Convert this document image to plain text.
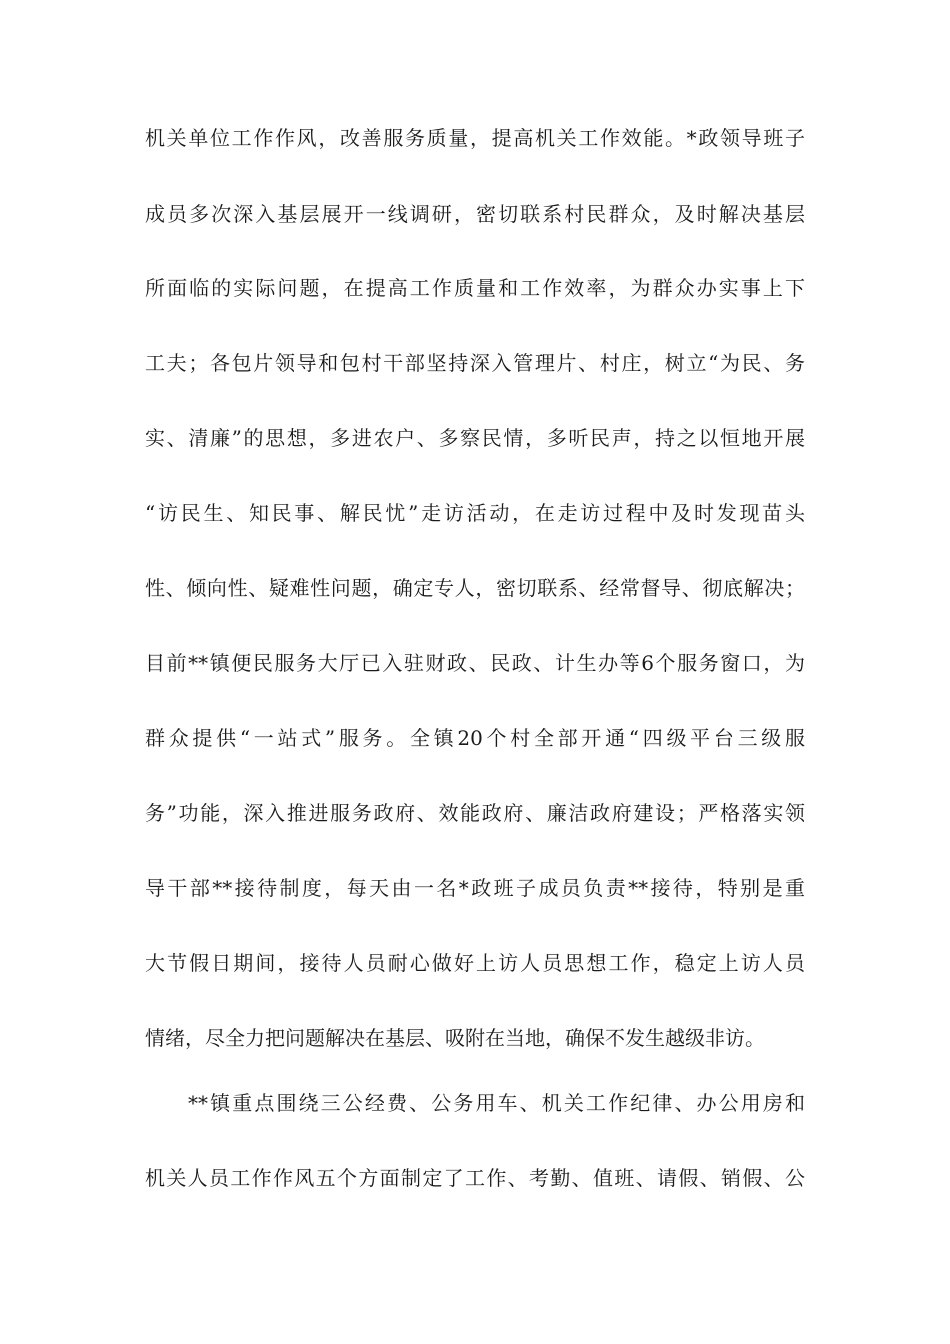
机关单位工作作风，改善服务质量，提高机关工作效能。*政领导班子
成员多次深入基层展开一线调研，密切联系村民群众，及时解决基层
所面临的实际问题，在提高工作质量和工作效率，为群众办实事上下
工夫；各包片领导和包村干部坚持深入管理片、村庄，树立“为民、务
实、清廉”的思想，多进农户、多察民情，多听民声，持之以恒地开展
“访民生、知民事、解民忧”走访活动，在走访过程中及时发现苗头
性、倾向性、疑难性问题，确定专人，密切联系、经常督导、彻底解决；
目前**镇便民服务大厅已入驻财政、民政、计生办等6个服务窗口，为
群众提供“一站式”服务。全镇20个村全部开通“四级平台三级服
务”功能，深入推进服务政府、效能政府、廉洁政府建设；严格落实领
导干部**接待制度，每天由一名*政班子成员负责**接待，特别是重
大节假日期间，接待人员耐心做好上访人员思想工作，稳定上访人员
情绪，尽全力把问题解决在基层、吸附在当地，确保不发生越级非访。
**镇重点围绕三公经费、公务用车、机关工作纪律、办公用房和
机关人员工作作风五个方面制定了工作、考勤、值班、请假、销假、公
